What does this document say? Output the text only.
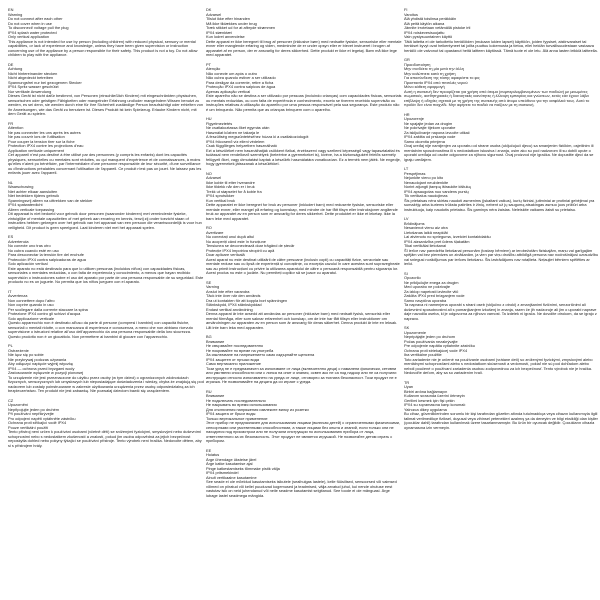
EN
Warning
Do not connect after each other
Do not cover when in use
To disconnect/ voltage pull the plug
IPX4 splash water protected
Only vertical application
This appliance is not intended for use by person (including children) with reduced physical, sensory or mental capabilities, or lack of experience and knowledge, unless they have been given supervision or instruction concerning use of the appliance by a person responsible for their safety. This product is not a toy. Do not allow children to play with the appliance.
DE
Achtung
Nicht hintereinander stecken
Nicht abgedeckt betreiben
Spannungsfrei nur bei gezogenem Stecker
IPX4 Spritz wasser geschützt
Nur vertikale Anwendung
Dieses Gerät ist nicht dafür bestimmt, von Personen (einschließlich Kindern) mit eingeschränkten physischen, sensorischen oder geistigen Fähigkeiten oder mangelnder Erfahrung und/oder mangelndem Wissen benutzt zu werden, es sei denn, sie werden durch eine für ihre Sicherheit zuständige Person beaufsichtigt oder erhielten von ihr Anweisungen, wie das Gerät zu benutzen ist. Dieses Produkt ist kein Spielzeug. Erlaube Kindern nicht, mit dem Gerät zu spielen.
FR
Attention
Ne pas connecter les uns après les autres
Ne pas couvrir lors de l'utilisation
Pour couper la tension tirer sur la fiche
Protection IPX4 contre les projections d'eau
Application verticale uniquement
Cet appareil n'est pas destiné à être utilisé par des personnes (y compris les enfants) dont les capacités physiques, sensorielles ou mentales sont réduites, ou qui manquent d'expérience et de connaissances, à moins qu'elles n'aient pu bénéficier, par l'intermédiaire d'une personne responsable de leur sécurité, d'une surveillance ou d'instructions préalables concernant l'utilisation de l'appareil. Ce produit n'est pas un jouet. Ne laissez pas les enfants jouer avec l'appareil.
NL
Waarschuwing
Niet achter elkaar aansluiten
Niet bedekken tijdens gebruik
Spanningsvrij alleen na uittrekken van de stekker
IPX4 spatwaterdicht
Alleen verticale toepassing
Dit apparaat is niet bedoeld voor gebruik door personen (waaronder kinderen) met verminderde fysieke, zintuiglijke of mentale capaciteiten of met gebrek aan ervaring en kennis, tenzij zij onder toezicht staan of instructies hebben gekregen over het gebruik van het apparaat van een persoon die verantwoordelijk is voor hun veiligheid. Dit product is geen speelgoed. Laat kinderen niet met het apparaat spelen.
ES
Advertencia
No conecte uno tras otro
No cubra cuando esté en uso
Para desconectar la tensión tire del enchufe
Protección IPX4 contra salpicaduras de agua
Solo aplicación vertical
Este aparato no está destinado para que lo utilicen personas (incluidos niños) con capacidades físicas, sensoriales o mentales reducidas, o con falta de experiencia y conocimiento, a menos que hayan recibido supervisión o instrucciones sobre el uso del aparato por parte de una persona responsable de su seguridad. Este producto no es un juguete. No permita que los niños jueguen con el aparato.
IT
Avvertenza
Non connettere dopo l'altro
Non coprire quando in uso
Per scollegare dalla corrente staccare la spina
Protezione IPX4 contro gli schizzi d'acqua
Solo applicazione verticale
Questo apparecchio non è destinato all'uso da parte di persone (compresi i bambini) con capacità fisiche, sensoriali o mentali ridotte, o con mancanza di esperienza e conoscenza, a meno che non abbiano ricevuto supervisione o istruzioni relative all'uso dell'apparecchio da una persona responsabile della loro sicurezza. Questo prodotto non è un giocattolo. Non permettere ai bambini di giocare con l'apparecchio.
PL
Ostrzeżenie
Nie łącz się po sobie
Nie przykrywaj podczas używania
Aby odłączyć napięcie wyjmij wtyczkę
IPX4 — ochrona przed bryzgami wody
Zastosowanie wyłącznie w pozycji pionowej
To urządzenie nie jest przeznaczone do użytku przez osoby (w tym dzieci) o ograniczonych zdolnościach fizycznych, sensorycznych lub umysłowych lub nieposiadające doświadczenia i wiedzy, chyba że znajdują się pod nadzorem lub zostały poinstruowane w zakresie użytkowania urządzenia przez osobę odpowiedzialną za ich bezpieczeństwo. Ten produkt nie jest zabawką. Nie pozwalaj dzieciom bawić się urządzeniem.
CZ
Upozornění
Nepřipojujte jeden po druhém
Při používání nepřikrývejte
Pro odpojení napětí vytáhněte zástrčku
Ochrana proti stříkající vodě IPX4
Pouze vertikální použití
Tento přístroj není určen k používání osobami (včetně dětí) se sníženými fyzickými, smyslovými nebo duševními schopnostmi nebo s nedostatkem zkušeností a znalostí, pokud jim osoba odpovědná za jejich bezpečnost neposkytla dohled nebo pokyny týkající se používání přístroje. Tento výrobek není hračka. Nedovolte dětem, aby si s přístrojem hrály.
DK
Advarsel
Tilslut ikke efter hinanden
Må ikke tildækkes under brug
Træk stikket ud for at afbryde strømmen
IPX4 stænktæt
Kun lodret anvendelse
Dette apparat er ikke beregnet til brug af personer (inklusive børn) med nedsatte fysiske, sensoriske eller mentale evner eller manglende erfaring og viden, medmindre de er under opsyn eller er blevet instrueret i brugen af apparatet af en person, der er ansvarlig for deres sikkerhed. Dette produkt er ikke et legetøj. Børn må ikke lege med apparatet.
PT
Atenção
Não conecte um após o outro
Não cubra quando estiver a ser utilizado
Para desligar da corrente, retire a ficha
Protecção IPX4 contra salpicos de água
Apenas aplicação vertical
Este aparelho não se destina a ser utilizado por pessoas (incluindo crianças) com capacidades físicas, sensoriais ou mentais reduzidas, ou com falta de experiência e conhecimento, exceto se tiverem recebido supervisão ou instruções relativas à utilização do aparelho por uma pessoa responsável pela sua segurança. Este produto não é um brinquedo. Não permita que as crianças brinquem com o aparelho.
HU
Figyelmeztetés
Ne csatlakoztassa őket egymás után
Használat közben ne takarja le
A feszültség megszüntetéséhez húzza ki a csatlakozódugót
IPX4 fröccsenő víz elleni védelem
Csak függőleges helyzetben használható
Ezt a készüléket nem használhatják csökkent fizikai, érzékszervi vagy szellemi képességű vagy tapasztalattal és tudással nem rendelkező személyek (beleértve a gyermekeket is), kivéve, ha a biztonságukért felelős személy felügyeli őket, vagy útmutatást kaptak a készülék használatára vonatkozóan. Ez a termék nem játék. Ne engedje, hogy gyermekek játsszanak a készülékkel.
NO
Advarsel
Ikke koble til etter hverandre
Ikke tildekk når den er i bruk
Trekk ut støpselet for å koble fra
IPX4 sprutsikker
Kun vertikal bruk
Dette apparatet er ikke beregnet for bruk av personer (inkludert barn) med reduserte fysiske, sensoriske eller mentale evner, eller mangel på erfaring og kunnskap, med mindre de har fått tilsyn eller instruksjoner angående bruk av apparatet av en person som er ansvarlig for deres sikkerhet. Dette produktet er ikke et leketøy. Ikke la barn leke med apparatet.
RO
Avertizare
Nu conectați unul după altul
Nu acoperiți când este în funcțiune
Tensiunea se deconectează doar trăgând de ștecăr
Protecție IPX4 împotriva stropirii cu apă
Doar aplicare verticală
Acest aparat nu este destinat utilizării de către persoane (inclusiv copii) cu capacități fizice, senzoriale sau mentale reduse sau cu lipsă de experiență și cunoștințe, cu excepția cazului în care acestea sunt supravegheate sau au primit instrucțiuni cu privire la utilizarea aparatului de către o persoană responsabilă pentru siguranța lor. Acest produs nu este o jucărie. Nu permiteți copiilor să se joace cu aparatul.
SE
Varning
Anslut inte efter varandra
Täck inte över när den används
Dra ut kontakten för att koppla bort spänningen
Stänkskydd, IPX4 stänkskyddad
Endast vertikal användning
Denna apparat är inte avsedd att användas av personer (inklusive barn) med nedsatt fysisk, sensorisk eller mental förmåga, eller som saknar erfarenhet och kunskap, om de inte har fått tillsyn eller instruktioner om användningen av apparaten av en person som är ansvarig för deras säkerhet. Denna produkt är inte en leksak. Låt inte barn leka med apparaten.
BG
Внимание
Не свързвайте последователно
Не покривайте по време на употреба
За изключване на напрежението само издърпайте щепсела
IPX4 защитен от пръски вода
Само вертикално приложение
Този уред не е предназначен за използване от лица (включително деца) с намалени физически, сетивни или умствени способности или с липса на опит и знания, освен ако не са под надзор или не са получили инструкции относно използването на уреда от лице, отговорно за тяхната безопасност. Този продукт не е играчка. Не позволявайте на децата да си играят с уреда.
RU
Внимание
Не подключать последовательно
Не накрывать во время использования
Для отключения напряжения извлеките вилку из розетки
IPX4 защита от брызг воды
Только вертикальное применение
Этот прибор не предназначен для использования лицами (включая детей) с ограниченными физическими, сенсорными или умственными способностями, а также лицами без опыта и знаний, если только они не находятся под присмотром или не получили инструкции по использованию прибора от лица, ответственного за их безопасность. Этот продукт не является игрушкой. Не позволяйте детям играть с прибором.
EE
Hoiatus
Ärge ühendage üksteise järel
Ärge katke kasutamise ajal
Pinge katkestamiseks tõmmake pistik välja
IPX4 pritsmekindel
Ainult vertikaalne kasutamine
See seade ei ole mõeldud kasutamiseks isikutele (sealhulgas lastele), kelle füüsilised, sensoorsed või vaimsed võimed on piiratud või kellel puuduvad kogemused ja teadmised, välja arvatud juhul, kui nende ohutuse eest vastutav isik on neid juhendanud või neile seadme kasutamist selgitanud. See toode ei ole mänguasi. Ärge lubage lastel seadmega mängida.
FI
Varoitus
Älä yhdistä toisiinsa peräkkäin
Älä peitä käytön aikana
Jännite irrotetaan vetämällä pistoke irti
IPX4 roiskevesisuojattu
Vain pystysuuntainen käyttö
Tätä laitetta ei ole tarkoitettu henkilöiden (mukaan lukien lapset) käyttöön, joiden fyysiset, aistinvaraiset tai henkiset kyvyt ovat heikentyneet tai joilta puuttuu kokemusta ja tietoa, ellei heidän turvallisuudestaan vastaava henkilö ole valvonut tai opastanut heitä laitteen käytössä. Tämä tuote ei ole lelu. Älä anna lasten leikkiä laitteella.
GR
Προειδοποίηση
Μην συνδέετε τη μία μετά την άλλη
Μην καλύπτετε κατά τη χρήση
Για αποσύνδεση της τάσης αφαιρέστε το φις
Προστασία IPX4 από πιτσιλιές νερού
Μόνο κάθετη εφαρμογή
Αυτή η συσκευή δεν προορίζεται για χρήση από άτομα (συμπεριλαμβανομένων των παιδιών) με μειωμένες σωματικές, αισθητηριακές ή διανοητικές ικανότητες ή έλλειψη εμπειρίας και γνώσεων, εκτός εάν έχουν λάβει επίβλεψη ή οδηγίες σχετικά με τη χρήση της συσκευής από άτομο υπεύθυνο για την ασφάλειά τους. Αυτό το προϊόν δεν είναι παιχνίδι. Μην αφήνετε τα παιδιά να παίζουν με τη συσκευή.
HR
Upozorenje
Ne spajajte jedan za drugim
Ne pokrivajte tijekom uporabe
Za isključivanje napona izvucite utikač
IPX4 zaštita od prskanja vode
Samo okomita primjena
Ovaj uređaj nije namijenjen za uporabu od strane osoba (uključujući djecu) sa smanjenim fizičkim, osjetilnim ili mentalnim sposobnostima ili s nedostatkom iskustva i znanja, osim ako su pod nadzorom ili su dobili upute o uporabi uređaja od osobe odgovorne za njihovu sigurnost. Ovaj proizvod nije igračka. Ne dopustite djeci da se igraju uređajem.
LT
Perspėjimas
Nejunkite vieno po kito
Nenaudojant neuždenkite
Norint atjungti įtampą ištraukite kištuką
IPX4 apsaugotas nuo vandens purslų
Tik vertikalus naudojimas
Šis prietaisas nėra skirtas naudoti asmenims (įskaitant vaikus), kurių fiziniai, jutiminiai ar protiniai gebėjimai yra sumažėję arba kuriems trūksta patirties ir žinių, nebent už jų saugumą atsakingas asmuo juos prižiūri arba instruktuoja, kaip naudotis prietaisu. Šis gaminys nėra žaislas. Neleiskite vaikams žaisti su prietaisu.
LV
Brīdinājums
Nesavienot vienu aiz otra
Lietošanas laikā neapklāt
Lai atvienotu no sprieguma, izvelciet kontaktdakšu
IPX4 aizsardzība pret ūdens šļakatām
Tikai vertikālai lietošanai
Šī ierīce nav paredzēta lietošanai personām (tostarp bērniem) ar ierobežotām fiziskajām, maņu vai garīgajām spējām vai bez pieredzes un zināšanām, ja vien par viņu drošību atbildīgā persona nav nodrošinājusi uzraudzību vai sniegusi norādījumus par ierīces lietošanu. Šis izstrādājums nav rotaļlieta. Neļaujiet bērniem spēlēties ar ierīci.
SI
Opozorilo
Ne priključujte enega za drugim
Med uporabo ne pokrivajte
Za izklop napetosti izvlecite vtič
Zaščita IPX4 pred brizganjem vode
Samo navpična uporaba
Ta naprava ni namenjena uporabi s strani oseb (vključno z otroki) z zmanjšanimi fizičnimi, senzoričnimi ali duševnimi sposobnostmi ali s pomanjkanjem izkušenj in znanja, razen če jih nadzoruje ali jim o uporabi naprave daje navodila oseba, ki je odgovorna za njihovo varnost. Ta izdelek ni igrača. Ne dovolite otrokom, da se igrajo z napravo.
SK
Upozornenie
Nepripájajte jeden po druhom
Počas používania nezakrývajte
Pre odpojenie napätia vytiahnite zástrčku
Ochrana proti striekajúcej vode IPX4
Iba vertikálne použitie
Toto zariadenie nie je určené na používanie osobami (vrátane detí) so zníženými fyzickými, zmyslovými alebo mentálnymi schopnosťami alebo s nedostatkom skúseností a vedomostí, pokiaľ nie sú pod dohľadom alebo neboli poučené o používaní zariadenia osobou zodpovednou za ich bezpečnosť. Tento výrobok nie je hračka. Nedovoľte deťom, aby sa so zariadením hrali.
TR
Uyarı
Birbiri ardına bağlamayın
Kullanım sırasında üzerini örtmeyin
Gerilimi kesmek için fişi çekin
IPX4 su sıçramasına karşı korumalı
Yalnızca dikey uygulama
Bu cihaz, güvenliklerinden sorumlu bir kişi tarafından gözetim altında tutulmadıkça veya cihazın kullanımıyla ilgili talimat verilmedikçe fiziksel, duyusal veya zihinsel yetenekleri azalmış ya da deneyim ve bilgi eksikliği olan kişiler (çocuklar dahil) tarafından kullanılmak üzere tasarlanmamıştır. Bu ürün bir oyuncak değildir. Çocukların cihazla oynamasına izin vermeyin.
